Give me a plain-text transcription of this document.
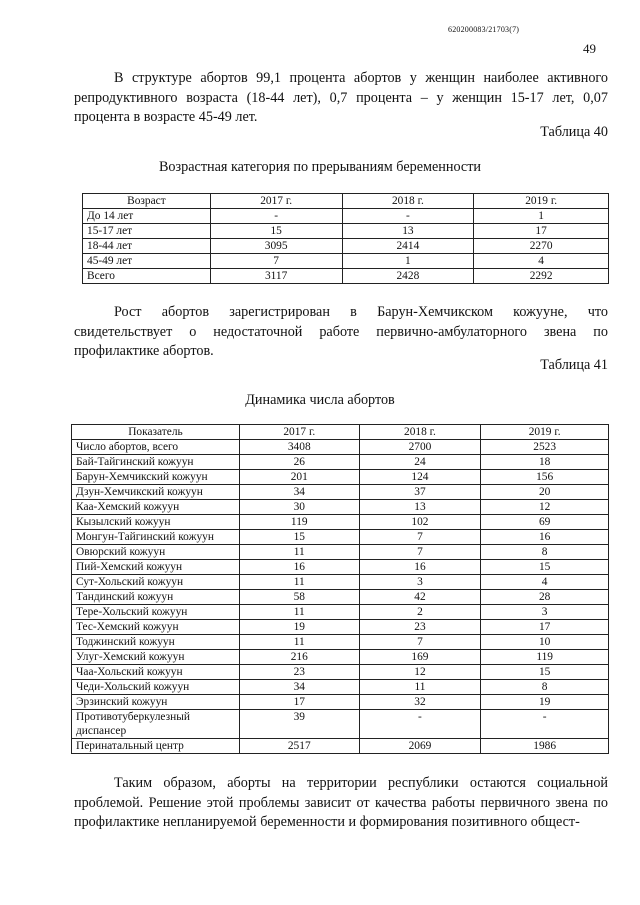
620200083/21703(7)
49

В структуре абортов 99,1 процента абортов у женщин наиболее активного репродуктивного возраста (18-44 лет), 0,7 процента – у женщин 15-17 лет, 0,07 процента в возрасте 45-49 лет.

Таблица 40
Возрастная категория по прерываниям беременности
Возраст	2017 г.	2018 г.	2019 г.
До 14 лет	-	-	1
15-17 лет	15	13	17
18-44 лет	3095	2414	2270
45-49 лет	7	1	4
Всего	3117	2428	2292

Рост абортов зарегистрирован в Барун-Хемчикском кожууне, что свидетельствует о недостаточной работе первично-амбулаторного звена по профилактике абортов.

Таблица 41
Динамика числа абортов
Показатель	2017 г.	2018 г.	2019 г.
Число абортов, всего	3408	2700	2523
Бай-Тайгинский кожуун	26	24	18
Барун-Хемчикский кожуун	201	124	156
Дзун-Хемчикский кожуун	34	37	20
Каа-Хемский кожуун	30	13	12
Кызылский кожуун	119	102	69
Монгун-Тайгинский кожуун	15	7	16
Овюрский кожуун	11	7	8
Пий-Хемский кожуун	16	16	15
Сут-Хольский кожуун	11	3	4
Тандинский кожуун	58	42	28
Тере-Хольский кожуун	11	2	3
Тес-Хемский кожуун	19	23	17
Тоджинский кожуун	11	7	10
Улуг-Хемский кожуун	216	169	119
Чаа-Хольский кожуун	23	12	15
Чеди-Хольский кожуун	34	11	8
Эрзинский кожуун	17	32	19
Противотуберкулезный диспансер	39	-	-
Перинатальный центр	2517	2069	1986

Таким образом, аборты на территории республики остаются социальной проблемой. Решение этой проблемы зависит от качества работы первичного звена по профилактике непланируемой беременности и формирования позитивного общест-
